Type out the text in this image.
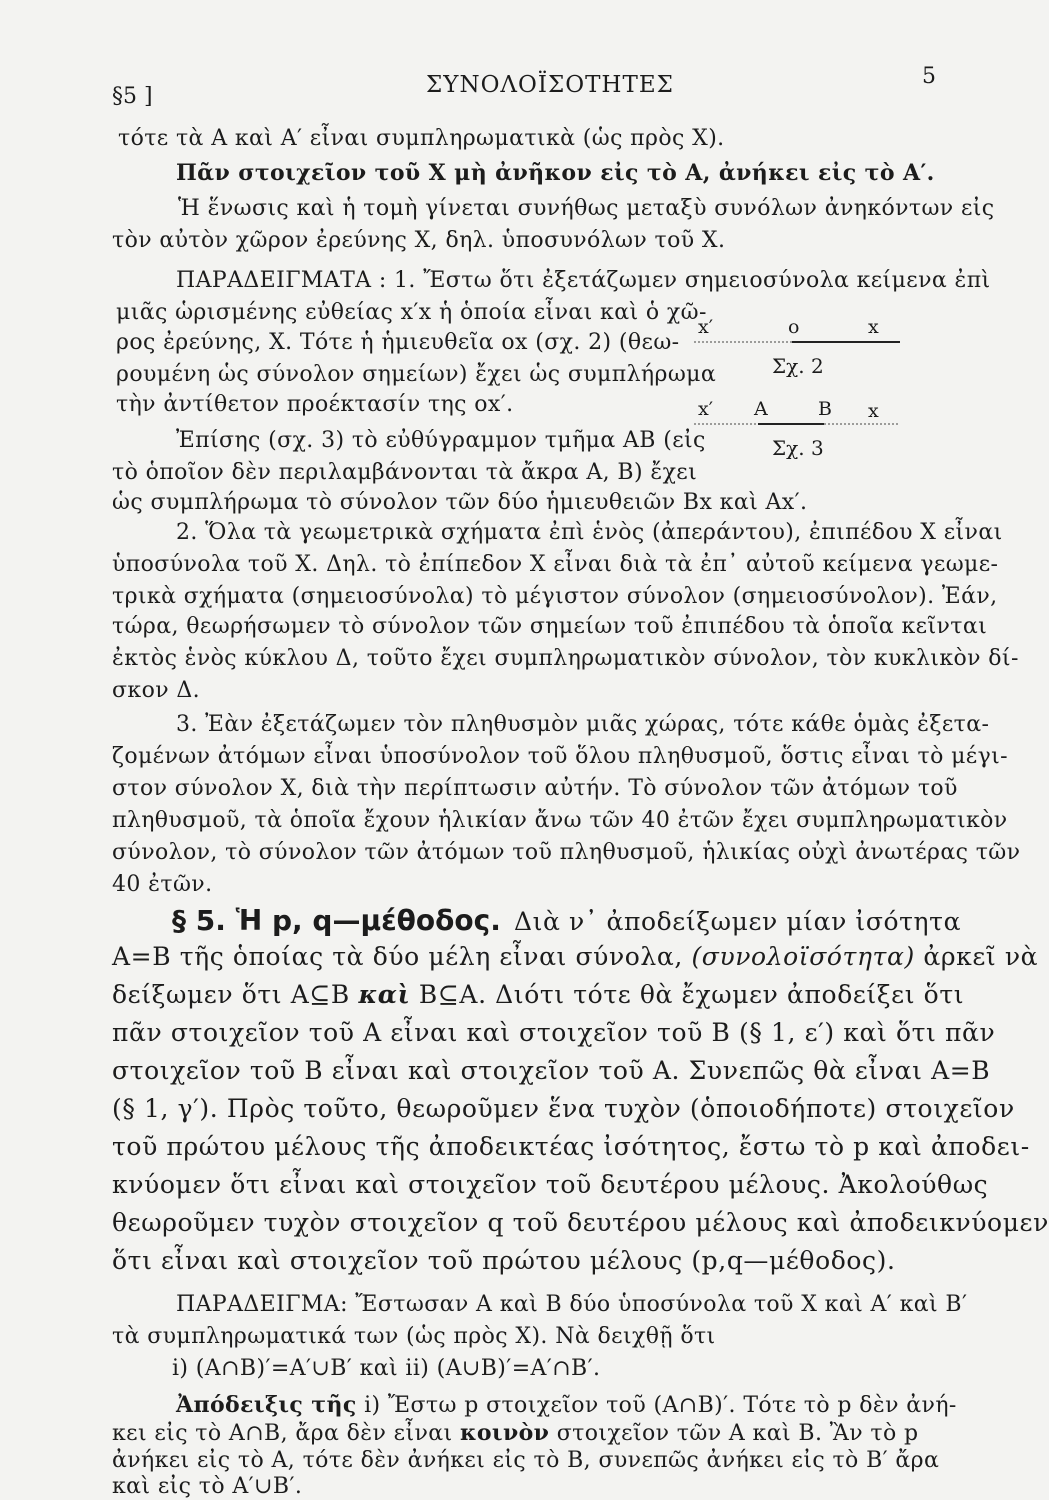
§5 ]	ΣΥΝΟΛΟΪΣΟΤΗΤΕΣ	5
τότε τὰ Α καὶ Α′ εἶναι συμπληρωματικὰ (ὡς πρὸς Χ).
Πᾶν στοιχεῖον τοῦ Χ μὴ ἀνῆκον εἰς τὸ Α, ἀνήκει εἰς τὸ Α′.
Ἡ ἕνωσις καὶ ἡ τομὴ γίνεται συνήθως μεταξὺ συνόλων ἀνηκόντων εἰς
τὸν αὐτὸν χῶρον ἐρεύνης Χ, δηλ. ὑποσυνόλων τοῦ Χ.
ΠΑΡΑΔΕΙΓΜΑΤΑ : 1. Ἔστω ὅτι ἐξετάζωμεν σημειοσύνολα κείμενα ἐπὶ
μιᾶς ὡρισμένης εὐθείας x′x ἡ ὁποία εἶναι καὶ ὁ χῶ-
ρος ἐρεύνης, Χ. Τότε ἡ ἡμιευθεῖα ox (σχ. 2) (θεω-
ρουμένη ὡς σύνολον σημείων) ἔχει ὡς συμπλήρωμα
τὴν ἀντίθετον προέκτασίν της ox′.
Ἐπίσης (σχ. 3) τὸ εὐθύγραμμον τμῆμα ΑΒ (εἰς
τὸ ὁποῖον δὲν περιλαμβάνονται τὰ ἄκρα Α, Β) ἔχει
ὡς συμπλήρωμα τὸ σύνολον τῶν δύο ἡμιευθειῶν Βx καὶ Αx′.
x′	o	x
Σχ. 2
x′ A	B x
Σχ. 3
2. Ὅλα τὰ γεωμετρικὰ σχήματα ἐπὶ ἑνὸς (ἀπεράντου), ἐπιπέδου Χ εἶναι
ὑποσύνολα τοῦ Χ. Δηλ. τὸ ἐπίπεδον Χ εἶναι διὰ τὰ ἐπ᾽ αὐτοῦ κείμενα γεωμε-
τρικὰ σχήματα (σημειοσύνολα) τὸ μέγιστον σύνολον (σημειοσύνολον). Ἐάν,
τώρα, θεωρήσωμεν τὸ σύνολον τῶν σημείων τοῦ ἐπιπέδου τὰ ὁποῖα κεῖνται
ἐκτὸς ἑνὸς κύκλου Δ, τοῦτο ἔχει συμπληρωματικὸν σύνολον, τὸν κυκλικὸν δί-
σκον Δ.
3. Ἐὰν ἐξετάζωμεν τὸν πληθυσμὸν μιᾶς χώρας, τότε κάθε ὁμὰς ἐξετα-
ζομένων ἀτόμων εἶναι ὑποσύνολον τοῦ ὅλου πληθυσμοῦ, ὅστις εἶναι τὸ μέγι-
στον σύνολον Χ, διὰ τὴν περίπτωσιν αὐτήν. Τὸ σύνολον τῶν ἀτόμων τοῦ
πληθυσμοῦ, τὰ ὁποῖα ἔχουν ἡλικίαν ἄνω τῶν 40 ἐτῶν ἔχει συμπληρωματικὸν
σύνολον, τὸ σύνολον τῶν ἀτόμων τοῦ πληθυσμοῦ, ἡλικίας οὐχὶ ἀνωτέρας τῶν
40 ἐτῶν.
§ 5. Ἡ p, q—μέθοδος. Διὰ ν᾽ ἀποδείξωμεν μίαν ἰσότητα
Α=Β τῆς ὁποίας τὰ δύο μέλη εἶναι σύνολα, (συνολοϊσότητα) ἀρκεῖ νὰ
δείξωμεν ὅτι Α⊆Β καὶ Β⊆Α. Διότι τότε θὰ ἔχωμεν ἀποδείξει ὅτι
πᾶν στοιχεῖον τοῦ Α εἶναι καὶ στοιχεῖον τοῦ Β (§ 1, ε′) καὶ ὅτι πᾶν
στοιχεῖον τοῦ Β εἶναι καὶ στοιχεῖον τοῦ Α. Συνεπῶς θὰ εἶναι Α=Β
(§ 1, γ′). Πρὸς τοῦτο, θεωροῦμεν ἕνα τυχὸν (ὁποιοδήποτε) στοιχεῖον
τοῦ πρώτου μέλους τῆς ἀποδεικτέας ἰσότητος, ἔστω τὸ p καὶ ἀποδει-
κνύομεν ὅτι εἶναι καὶ στοιχεῖον τοῦ δευτέρου μέλους. Ἀκολούθως
θεωροῦμεν τυχὸν στοιχεῖον q τοῦ δευτέρου μέλους καὶ ἀποδεικνύομεν
ὅτι εἶναι καὶ στοιχεῖον τοῦ πρώτου μέλους (p,q—μέθοδος).
ΠΑΡΑΔΕΙΓΜΑ: Ἔστωσαν Α καὶ Β δύο ὑποσύνολα τοῦ Χ καὶ Α′ καὶ Β′
τὰ συμπληρωματικά των (ὡς πρὸς Χ). Νὰ δειχθῇ ὅτι
i) (Α∩Β)′=Α′∪Β′ καὶ ii) (Α∪Β)′=Α′∩Β′.
Ἀπόδειξις τῆς i) Ἔστω p στοιχεῖον τοῦ (Α∩Β)′. Τότε τὸ p δὲν ἀνή-
κει εἰς τὸ Α∩Β, ἄρα δὲν εἶναι κοινὸν στοιχεῖον τῶν Α καὶ Β. Ἂν τὸ p
ἀνήκει εἰς τὸ Α, τότε δὲν ἀνήκει εἰς τὸ Β, συνεπῶς ἀνήκει εἰς τὸ Β′ ἄρα
καὶ εἰς τὸ Α′∪Β′.
